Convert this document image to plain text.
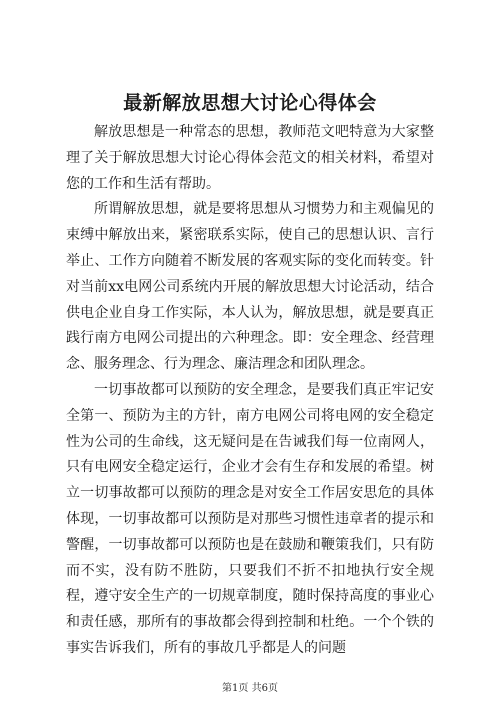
最新解放思想大讨论心得体会

解放思想是一种常态的思想，教师范文吧特意为大家整理了关于解放思想大讨论心得体会范文的相关材料，希望对您的工作和生活有帮助。

所谓解放思想，就是要将思想从习惯势力和主观偏见的束缚中解放出来，紧密联系实际，使自己的思想认识、言行举止、工作方向随着不断发展的客观实际的变化而转变。针对当前xx电网公司系统内开展的解放思想大讨论活动，结合供电企业自身工作实际，本人认为，解放思想，就是要真正践行南方电网公司提出的六种理念。即：安全理念、经营理念、服务理念、行为理念、廉洁理念和团队理念。

一切事故都可以预防的安全理念，是要我们真正牢记安全第一、预防为主的方针，南方电网公司将电网的安全稳定性为公司的生命线，这无疑问是在告诫我们每一位南网人，只有电网安全稳定运行，企业才会有生存和发展的希望。树立一切事故都可以预防的理念是对安全工作居安思危的具体体现，一切事故都可以预防是对那些习惯性违章者的提示和警醒，一切事故都可以预防也是在鼓励和鞭策我们，只有防而不实，没有防不胜防，只要我们不折不扣地执行安全规程，遵守安全生产的一切规章制度，随时保持高度的事业心和责任感，那所有的事故都会得到控制和杜绝。一个个铁的事实告诉我们，所有的事故几乎都是人的问题

第1页 共6页
